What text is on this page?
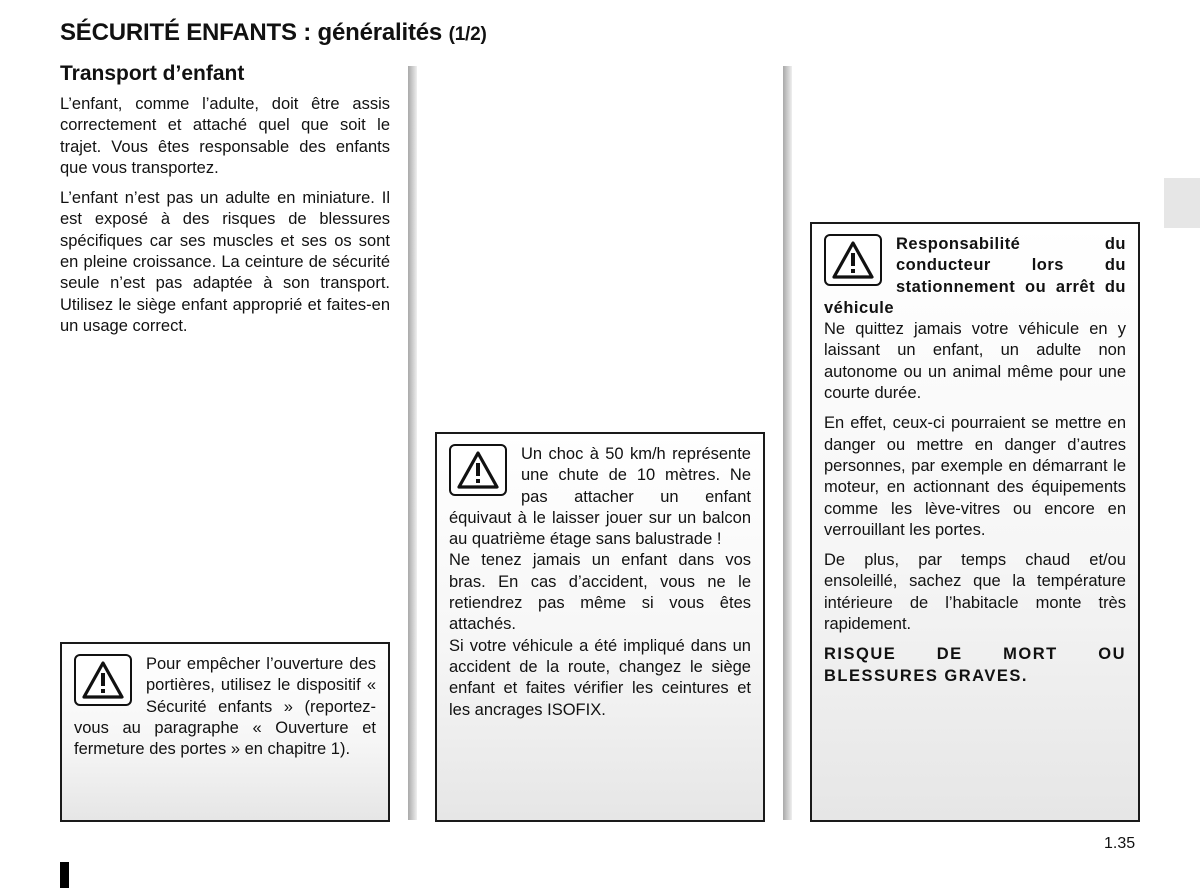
SÉCURITÉ ENFANTS : généralités (1/2)
Transport d’enfant

L’enfant, comme l’adulte, doit être assis correctement et attaché quel que soit le trajet. Vous êtes responsable des enfants que vous transportez.

L’enfant n’est pas un adulte en miniature. Il est exposé à des risques de blessures spécifiques car ses muscles et ses os sont en pleine croissance. La ceinture de sécurité seule n’est pas adaptée à son transport. Utilisez le siège enfant approprié et faites-en un usage correct.

Pour empêcher l’ouverture des portières, utilisez le dispositif « Sécurité enfants » (reportez-vous au paragraphe « Ouverture et fermeture des portes » en chapitre 1).

Un choc à 50 km/h représente une chute de 10 mètres. Ne pas attacher un enfant équivaut à le laisser jouer sur un balcon au quatrième étage sans balustrade !

Ne tenez jamais un enfant dans vos bras. En cas d’accident, vous ne le retiendrez pas même si vous êtes attachés.

Si votre véhicule a été impliqué dans un accident de la route, changez le siège enfant et faites vérifier les ceintures et les ancrages ISOFIX.

Responsabilité du conducteur lors du stationnement ou arrêt du véhicule

Ne quittez jamais votre véhicule en y laissant un enfant, un adulte non autonome ou un animal même pour une courte durée.

En effet, ceux-ci pourraient se mettre en danger ou mettre en danger d’autres personnes, par exemple en démarrant le moteur, en actionnant des équipements comme les lève-vitres ou encore en verrouillant les portes.

De plus, par temps chaud et/ou ensoleillé, sachez que la température intérieure de l’habitacle monte très rapidement.

RISQUE DE MORT OU BLESSURES GRAVES.

1.35
